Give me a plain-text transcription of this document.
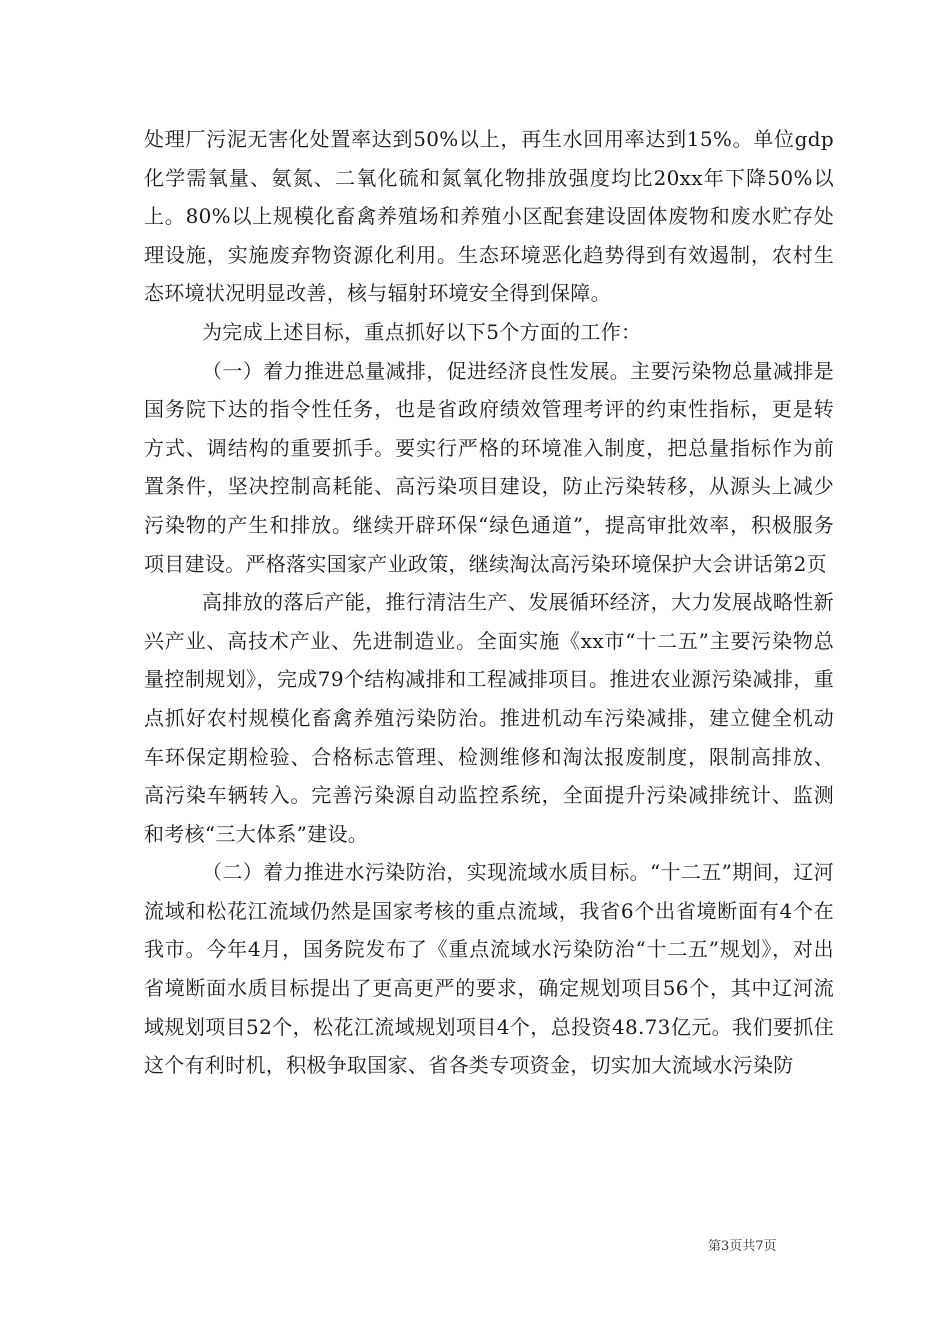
处理厂污泥无害化处置率达到50%以上，再生水回用率达到15%。单位gdp化学需氧量、氨氮、二氧化硫和氮氧化物排放强度均比20xx年下降50%以上。80%以上规模化畜禽养殖场和养殖小区配套建设固体废物和废水贮存处理设施，实施废弃物资源化利用。生态环境恶化趋势得到有效遏制，农村生态环境状况明显改善，核与辐射环境安全得到保障。

为完成上述目标，重点抓好以下5个方面的工作：

（一）着力推进总量减排，促进经济良性发展。主要污染物总量减排是国务院下达的指令性任务，也是省政府绩效管理考评的约束性指标，更是转方式、调结构的重要抓手。要实行严格的环境准入制度，把总量指标作为前置条件，坚决控制高耗能、高污染项目建设，防止污染转移，从源头上减少污染物的产生和排放。继续开辟环保“绿色通道”，提高审批效率，积极服务项目建设。严格落实国家产业政策，继续淘汰高污染环境保护大会讲话第2页

高排放的落后产能，推行清洁生产、发展循环经济，大力发展战略性新兴产业、高技术产业、先进制造业。全面实施《xx市“十二五”主要污染物总量控制规划》，完成79个结构减排和工程减排项目。推进农业源污染减排，重点抓好农村规模化畜禽养殖污染防治。推进机动车污染减排，建立健全机动车环保定期检验、合格标志管理、检测维修和淘汰报废制度，限制高排放、高污染车辆转入。完善污染源自动监控系统，全面提升污染减排统计、监测和考核“三大体系”建设。

（二）着力推进水污染防治，实现流域水质目标。“十二五”期间，辽河流域和松花江流域仍然是国家考核的重点流域，我省6个出省境断面有4个在我市。今年4月，国务院发布了《重点流域水污染防治“十二五”规划》，对出省境断面水质目标提出了更高更严的要求，确定规划项目56个，其中辽河流域规划项目52个，松花江流域规划项目4个，总投资48.73亿元。我们要抓住这个有利时机，积极争取国家、省各类专项资金，切实加大流域水污染防

第3页共7页
